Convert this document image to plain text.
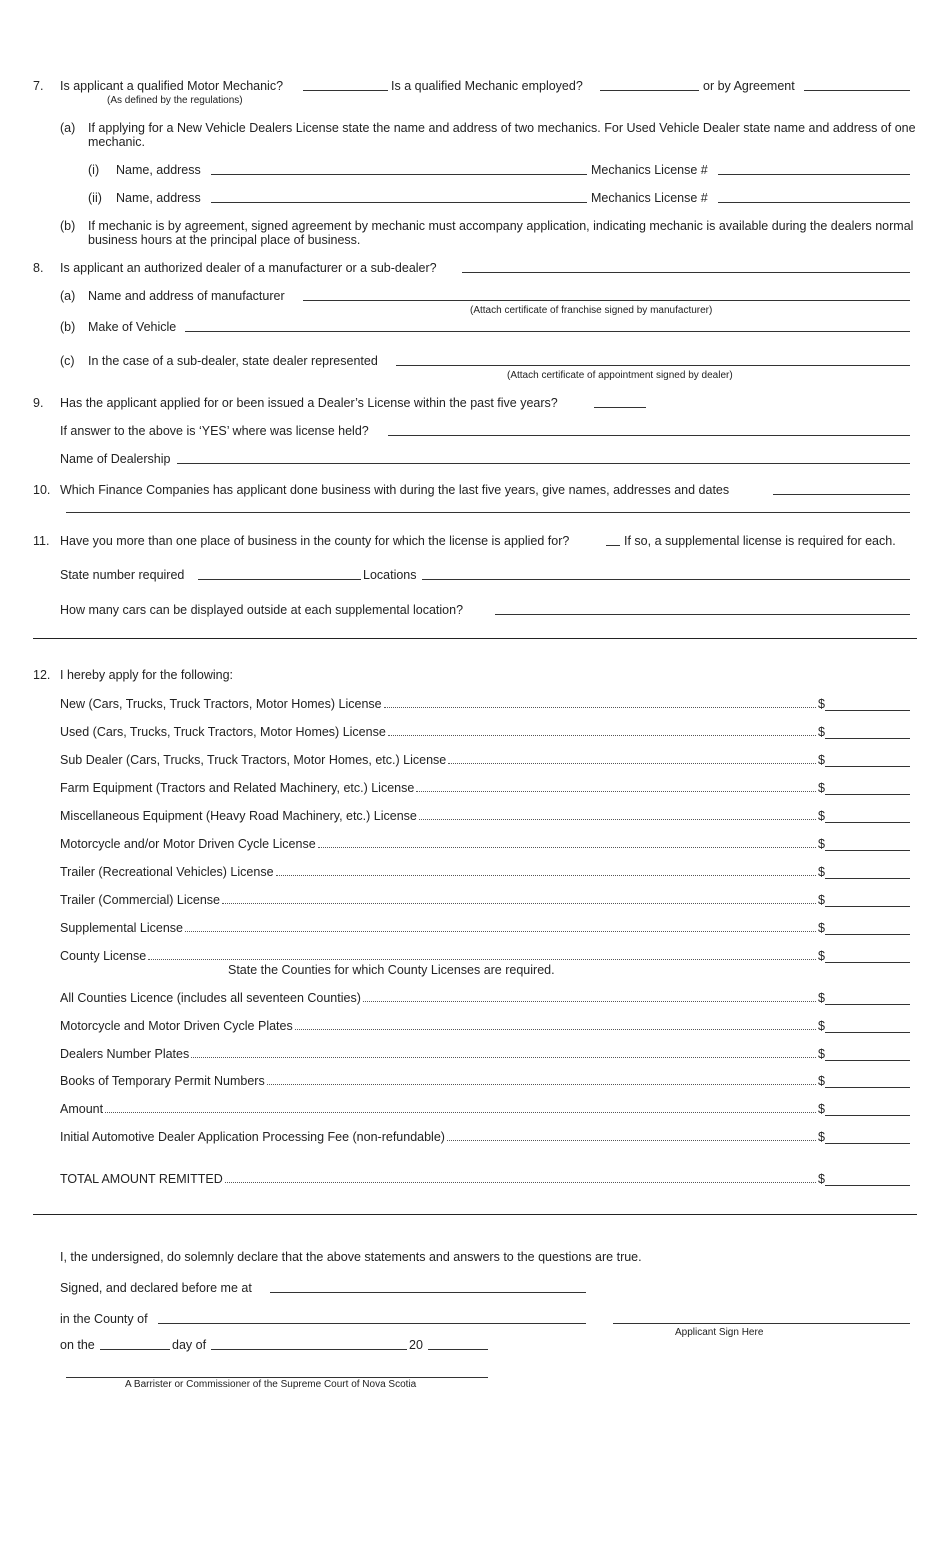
7. Is applicant a qualified Motor Mechanic?	Is a qualified Mechanic employed?	or by Agreement
(As defined by the regulations)
(a) If applying for a New Vehicle Dealers License state the name and address of two mechanics. For Used Vehicle Dealer state name and address of one mechanic.
(i) Name, address	Mechanics License #
(ii) Name, address	Mechanics License #
(b) If mechanic is by agreement, signed agreement by mechanic must accompany application, indicating mechanic is available during the dealers normal business hours at the principal place of business.
8. Is applicant an authorized dealer of a manufacturer or a sub-dealer?
(a) Name and address of manufacturer
(Attach certificate of franchise signed by manufacturer)
(b) Make of Vehicle
(c) In the case of a sub-dealer, state dealer represented
(Attach certificate of appointment signed by dealer)
9. Has the applicant applied for or been issued a Dealer’s License within the past five years?
If answer to the above is ‘YES’ where was license held?
Name of Dealership
10. Which Finance Companies has applicant done business with during the last five years, give names, addresses and dates
11. Have you more than one place of business in the county for which the license is applied for?	If so, a supplemental license is required for each.
State number required	Locations
How many cars can be displayed outside at each supplemental location?
12. I hereby apply for the following:
New (Cars, Trucks, Truck Tractors, Motor Homes) License	$
Used (Cars, Trucks, Truck Tractors, Motor Homes) License	$
Sub Dealer (Cars, Trucks, Truck Tractors, Motor Homes, etc.) License	$
Farm Equipment (Tractors and Related Machinery, etc.) License	$
Miscellaneous Equipment (Heavy Road Machinery, etc.) License	$
Motorcycle and/or Motor Driven Cycle License	$
Trailer (Recreational Vehicles) License	$
Trailer (Commercial) License	$
Supplemental License	$
County License	$
State the Counties for which County Licenses are required.
All Counties Licence (includes all seventeen Counties)	$
Motorcycle and Motor Driven Cycle Plates	$
Dealers Number Plates	$
Books of Temporary Permit Numbers	$
Amount	$
Initial Automotive Dealer Application Processing Fee (non-refundable)	$
TOTAL AMOUNT REMITTED	$
I, the undersigned, do solemnly declare that the above statements and answers to the questions are true.
Signed, and declared before me at
in the County of
Applicant Sign Here
on the	day of	20
A Barrister or Commissioner of the Supreme Court of Nova Scotia
